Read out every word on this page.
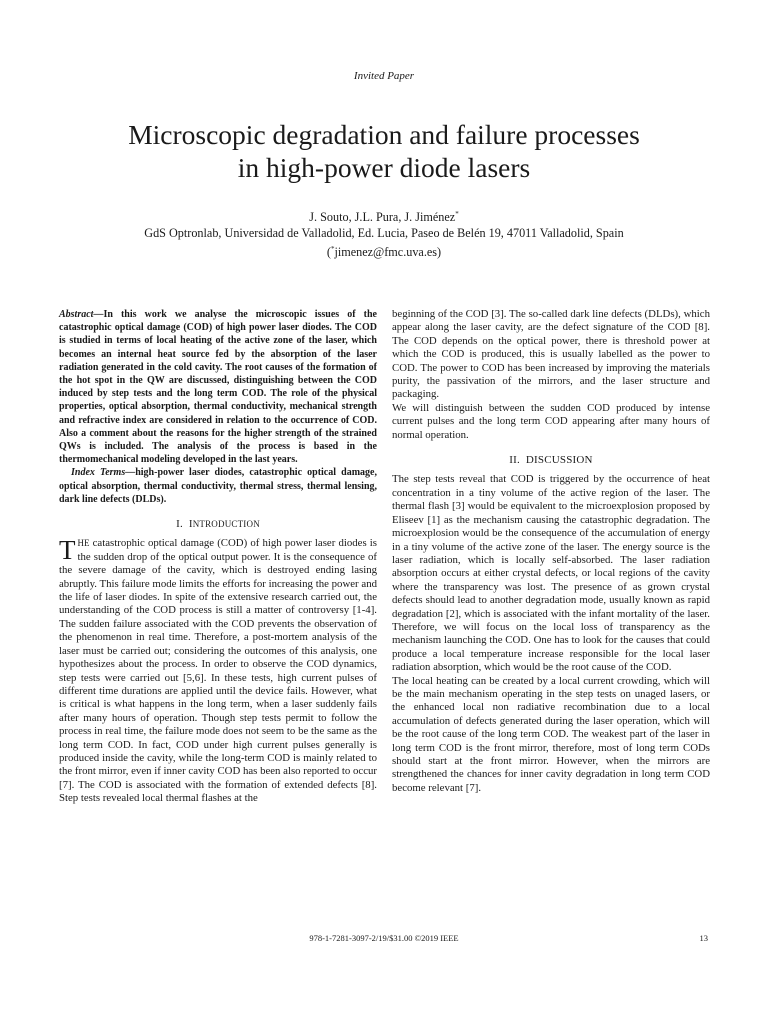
Invited Paper
Microscopic degradation and failure processes
in high-power diode lasers
J. Souto, J.L. Pura, J. Jiménez*
GdS Optronlab, Universidad de Valladolid, Ed. Lucia, Paseo de Belén 19, 47011 Valladolid, Spain
(*jimenez@fmc.uva.es)

Abstract—In this work we analyse the microscopic issues of the catastrophic optical damage (COD) of high power laser diodes. The COD is studied in terms of local heating of the active zone of the laser, which becomes an internal heat source fed by the absorption of the laser radiation generated in the cold cavity. The root causes of the formation of the hot spot in the QW are discussed, distinguishing between the COD induced by step tests and the long term COD. The role of the physical properties, optical absorption, thermal conductivity, mechanical strength and refractive index are considered in relation to the occurrence of COD. Also a comment about the reasons for the higher strength of the strained QWs is included. The analysis of the process is based in the thermomechanical modeling developed in the last years.

Index Terms—high-power laser diodes, catastrophic optical damage, optical absorption, thermal conductivity, thermal stress, thermal lensing, dark line defects (DLDs).

I. INTRODUCTION

THE catastrophic optical damage (COD) of high power laser diodes is the sudden drop of the optical output power. It is the consequence of the severe damage of the cavity, which is destroyed ending lasing abruptly. This failure mode limits the efforts for increasing the power and the life of laser diodes. In spite of the extensive research carried out, the understanding of the COD process is still a matter of controversy [1-4]. The sudden failure associated with the COD prevents the observation of the phenomenon in real time. Therefore, a post-mortem analysis of the laser must be carried out; considering the outcomes of this analysis, one hypothesizes about the process. In order to observe the COD dynamics, step tests were carried out [5,6]. In these tests, high current pulses of different time durations are applied until the device fails. However, what is critical is what happens in the long term, when a laser suddenly fails after many hours of operation. Though step tests permit to follow the process in real time, the failure mode does not seem to be the same as the long term COD. In fact, COD under high current pulses generally is produced inside the cavity, while the long-term COD is mainly related to the front mirror, even if inner cavity COD has been also reported to occur [7]. The COD is associated with the formation of extended defects [8]. Step tests revealed local thermal flashes at the

beginning of the COD [3]. The so-called dark line defects (DLDs), which appear along the laser cavity, are the defect signature of the COD [8]. The COD depends on the optical power, there is threshold power at which the COD is produced, this is usually labelled as the power to COD. The power to COD has been increased by improving the materials purity, the passivation of the mirrors, and the laser structure and packaging.

We will distinguish between the sudden COD produced by intense current pulses and the long term COD appearing after many hours of normal operation.

II. DISCUSSION

The step tests reveal that COD is triggered by the occurrence of heat concentration in a tiny volume of the active region of the laser. The thermal flash [3] would be equivalent to the microexplosion proposed by Eliseev [1] as the mechanism causing the catastrophic degradation. The microexplosion would be the consequence of the accumulation of energy in a tiny volume of the active zone of the laser. The energy source is the laser radiation, which is locally self-absorbed. The laser radiation absorption occurs at either crystal defects, or local regions of the cavity where the transparency was lost. The presence of as grown crystal defects should lead to another degradation mode, usually known as rapid degradation [2], which is associated with the infant mortality of the laser. Therefore, we will focus on the local loss of transparency as the mechanism launching the COD. One has to look for the causes that could produce a local temperature increase responsible for the local laser radiation absorption, which would be the root cause of the COD.

The local heating can be created by a local current crowding, which will be the main mechanism operating in the step tests on unaged lasers, or the enhanced local non radiative recombination due to a local accumulation of defects generated during the laser operation, which will be the root cause of the long term COD. The weakest part of the laser in long term COD is the front mirror, therefore, most of long term CODs should start at the front mirror. However, when the mirrors are strengthened the chances for inner cavity degradation in long term COD become relevant [7].

978-1-7281-3097-2/19/$31.00 ©2019 IEEE	13
